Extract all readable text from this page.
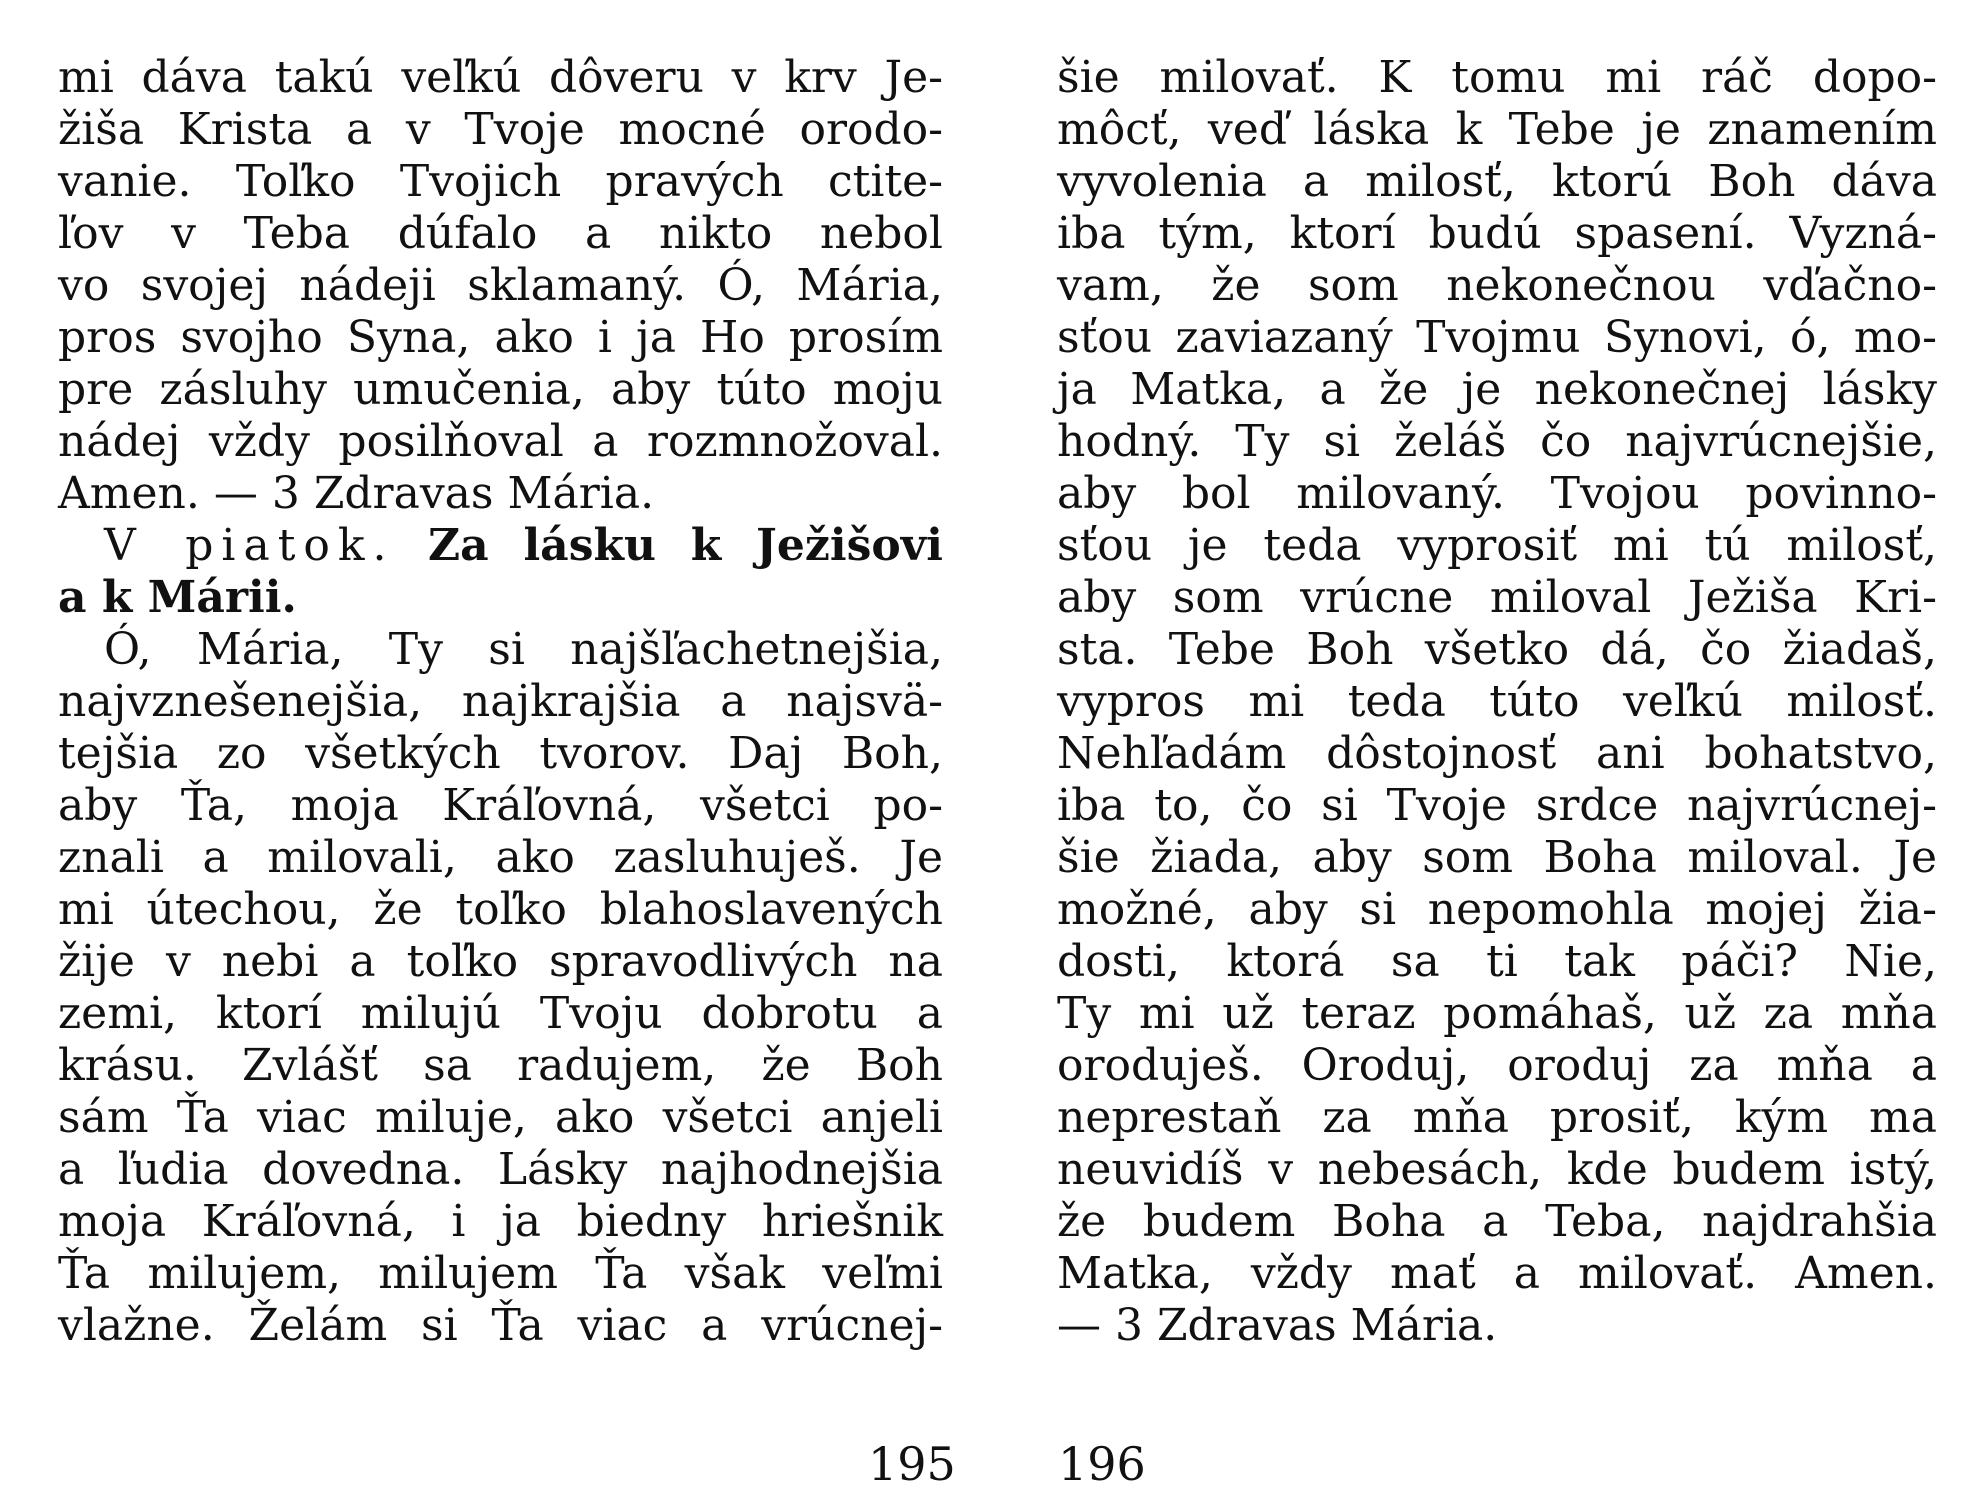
mi dáva takú veľkú dôveru v krv Je-
žiša Krista a v Tvoje mocné orodo-
vanie. Toľko Tvojich pravých ctite-
ľov v Teba dúfalo a nikto nebol
vo svojej nádeji sklamaný. Ó, Mária,
pros svojho Syna, ako i ja Ho prosím
pre zásluhy umučenia, aby túto moju
nádej vždy posilňoval a rozmnožoval.
Amen. — 3 Zdravas Mária.
V piatok. Za lásku k Ježišovi
a k Márii.
Ó, Mária, Ty si najšľachetnejšia,
najvznešenejšia, najkrajšia a najsvä-
tejšia zo všetkých tvorov. Daj Boh,
aby Ťa, moja Kráľovná, všetci po-
znali a milovali, ako zasluhuješ. Je
mi útechou, že toľko blahoslavených
žije v nebi a toľko spravodlivých na
zemi, ktorí milujú Tvoju dobrotu a
krásu. Zvlášť sa radujem, že Boh
sám Ťa viac miluje, ako všetci anjeli
a ľudia dovedna. Lásky najhodnejšia
moja Kráľovná, i ja biedny hriešnik
Ťa milujem, milujem Ťa však veľmi
vlažne. Želám si Ťa viac a vrúcnej-
šie milovať. K tomu mi ráč dopo-
môcť, veď láska k Tebe je znamením
vyvolenia a milosť, ktorú Boh dáva
iba tým, ktorí budú spasení. Vyzná-
vam, že som nekonečnou vďačno-
sťou zaviazaný Tvojmu Synovi, ó, mo-
ja Matka, a že je nekonečnej lásky
hodný. Ty si želáš čo najvrúcnejšie,
aby bol milovaný. Tvojou povinno-
sťou je teda vyprosiť mi tú milosť,
aby som vrúcne miloval Ježiša Kri-
sta. Tebe Boh všetko dá, čo žiadaš,
vypros mi teda túto veľkú milosť.
Nehľadám dôstojnosť ani bohatstvo,
iba to, čo si Tvoje srdce najvrúcnej-
šie žiada, aby som Boha miloval. Je
možné, aby si nepomohla mojej žia-
dosti, ktorá sa ti tak páči? Nie,
Ty mi už teraz pomáhaš, už za mňa
oroduješ. Oroduj, oroduj za mňa a
neprestaň za mňa prosiť, kým ma
neuvidíš v nebesách, kde budem istý,
že budem Boha a Teba, najdrahšia
Matka, vždy mať a milovať. Amen.
— 3 Zdravas Mária.
195 196
